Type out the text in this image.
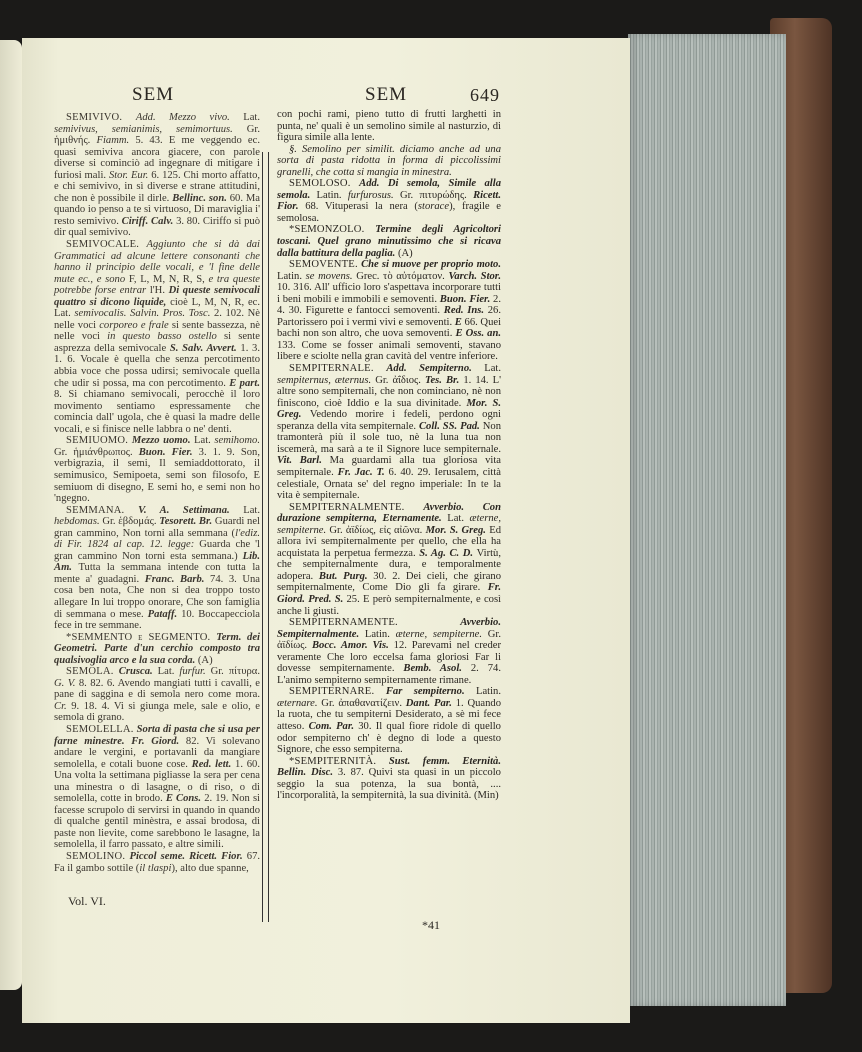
SEM	SEM	649

SEMIVIVO. Add. Mezzo vivo. Lat. semivivus, semianimis, semimortuus. Gr. ἡμιθνής. Fiamm. 5. 43. E me veggendo ec. quasi semiviva ancora giacere, con parole diverse si cominciò ad ingegnare di mitigare i furiosi mali. Stor. Eur. 6. 125. Chi morto affatto, e chi semivivo, in sì diverse e strane attitudini, che non è possibile il dirle. Bellinc. son. 60. Ma quando io penso a te sì virtuoso, Di maraviglia i' resto semivivo. Ciriff. Calv. 3. 80. Ciriffo si può dir qual semivivo.

SEMIVOCALE. Aggiunto che si dà dai Grammatici ad alcune lettere consonanti che hanno il principio delle vocali, e 'l fine delle mute ec., e sono F, L, M, N, R, S, e tra queste potrebbe forse entrar l'H. Di queste semivocali quattro si dicono liquide, cioè L, M, N, R, ec. Lat. semivocalis. Salvin. Pros. Tosc. 2. 102. Nè nelle voci corporeo e frale si sente bassezza, nè nelle voci in questo basso ostello si sente asprezza della semivocale S. Salv. Avvert. 1. 3. 1. 6. Vocale è quella che senza percotimento abbia voce che possa udirsi; semivocale quella che udir si possa, ma con percotimento. E part. 8. Si chiamano semivocali, perocchè il loro movimento sentiamo espressamente che comincia dall' ugola, che è quasi la madre delle vocali, e si finisce nelle labbra o ne' denti.

SEMIUOMO. Mezzo uomo. Lat. semihomo. Gr. ἡμιάνθρωπος. Buon. Fier. 3. 1. 9. Son, verbigrazia, il semi, Il semiaddottorato, il semimusico, Semipoeta, semi son filosofo, E semiuom di disegno, E semi ho, e semi non ho 'ngegno.

SEMMANA. V. A. Settimana. Lat. hebdomas. Gr. ἑβδομάς. Tesorett. Br. Guardi nel gran cammino, Non torni alla semmana (l'ediz. di Fir. 1824 al cap. 12. legge: Guarda che 'l gran cammino Non torni esta semmana.) Lib. Am. Tutta la semmana intende con tutta la mente a' guadagni. Franc. Barb. 74. 3. Una cosa ben nota, Che non si dea troppo tosto allegare In lui troppo onorare, Che son famiglia di semmana o mese. Pataff. 10. Boccapecciola fece in tre semmane.

*SEMMENTO e SEGMENTO. Term. dei Geometri. Parte d'un cerchio composto tra qualsivoglia arco e la sua corda. (A)

SEMOLA. Crusca. Lat. furfur. Gr. πίτυρα. G. V. 8. 82. 6. Avendo mangiati tutti i cavalli, e pane di saggina e di semola nero come mora. Cr. 9. 18. 4. Vi si giunga mele, sale e olio, e semola di grano.

SEMOLELLA. Sorta di pasta che si usa per farne minestre. Fr. Giord. 82. Vi solevano andare le vergini, e portavanli da mangiare semolella, e cotali buone cose. Red. lett. 1. 60. Una volta la settimana pigliasse la sera per cena una minestra o di lasagne, o di riso, o di semolella, cotte in brodo. E Cons. 2. 19. Non si facesse scrupolo di servirsi in quando in quando di qualche gentil minèstra, e assai brodosa, di paste non lievite, come sarebbono le lasagne, la semolella, il farro passato, e altre simili.

SEMOLINO. Piccol seme. Ricett. Fior. 67. Fa il gambo sottile (il tlaspi), alto due spanne,

con pochi rami, pieno tutto di frutti larghetti in punta, ne' quali è un semolino simile al nasturzio, di figura simile alla lente.

§. Semolino per similit. diciamo anche ad una sorta di pasta ridotta in forma di piccolissimi granelli, che cotta si mangia in minestra.

SEMOLOSO. Add. Di semola, Simile alla semola. Latin. furfurosus. Gr. πιτυρώδης. Ricett. Fior. 68. Vituperasi la nera (storace), fragile e semolosa.

*SEMONZOLO. Termine degli Agricoltori toscani. Quel grano minutissimo che si ricava dalla battitura della paglia. (A)

SEMOVENTE. Che si muove per proprio moto. Latin. se movens. Grec. τὸ αὐτόματον. Varch. Stor. 10. 316. All' ufficio loro s'aspettava incorporare tutti i beni mobili e immobili e semoventi. Buon. Fier. 2. 4. 30. Figurette e fantocci semoventi. Red. Ins. 26. Partorissero poi i vermi vivi e semoventi. E 66. Quei bachi non son altro, che uova semoventi. E Oss. an. 133. Come se fosser animali semoventi, stavano libere e sciolte nella gran cavità del ventre inferiore.

SEMPITERNALE. Add. Sempiterno. Lat. sempiternus, æternus. Gr. ἀΐδιος. Tes. Br. 1. 14. L' altre sono sempiternali, che non cominciano, nè non finiscono, cioè Iddio e la sua divinitade. Mor. S. Greg. Vedendo morire i fedeli, perdono ogni speranza della vita sempiternale. Coll. SS. Pad. Non tramonterà più il sole tuo, nè la luna tua non iscemerà, ma sarà a te il Signore luce sempiternale. Vit. Barl. Ma guardami alla tua gloriosa vita sempiternale. Fr. Jac. T. 6. 40. 29. Ierusalem, città celestiale, Ornata se' del regno imperiale: In te la vita è sempiternale.

SEMPITERNALMENTE. Avverbio. Con durazione sempiterna, Eternamente. Lat. æterne, sempiterne. Gr. ἀϊδίως, εἰς αἰῶνα. Mor. S. Greg. Ed allora ivi sempiternalmente per quello, che ella ha acquistata la perpetua fermezza. S. Ag. C. D. Virtù, che sempiternalmente dura, e temporalmente adopera. But. Purg. 30. 2. Dei cieli, che girano sempiternalmente, Come Dio gli fa girare. Fr. Giord. Pred. S. 25. E però sempiternalmente, e così anche li giusti.

SEMPITERNAMENTE. Avverbio. Sempiternalmente. Latin. æterne, sempiterne. Gr. ἀϊδίως. Bocc. Amor. Vis. 12. Parevami nel creder veramente Che loro eccelsa fama gloriosi Far li dovesse sempiternamente. Bemb. Asol. 2. 74. L'animo sempiterno sempiternamente rimane.

SEMPITERNARE. Far sempiterno. Latin. æternare. Gr. ἀπαθανατίζειν. Dant. Par. 1. Quando la ruota, che tu sempiterni Desiderato, a sè mi fece atteso. Com. Par. 30. Il qual fiore ridole di quello odor sempiterno ch' è degno di lode a questo Signore, che esso sempiterna.

*SEMPITERNITÀ. Sust. femm. Eternità. Bellin. Disc. 3. 87. Quivi sta quasi in un piccolo seggio la sua potenza, la sua bontà, .... l'incorporalità, la sempiternità, la sua divinità. (Min)

Vol. VI.
*41
